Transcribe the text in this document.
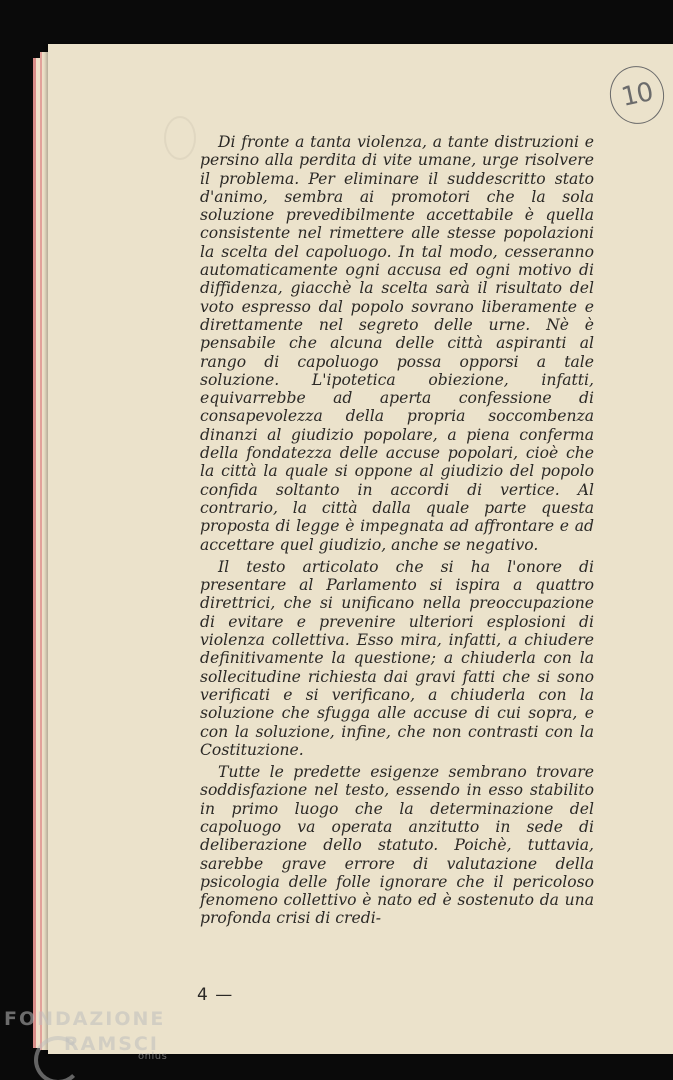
10

Di fronte a tanta violenza, a tante distruzioni e persino alla perdita di vite umane, urge risolvere il problema. Per eliminare il suddescritto stato d'animo, sembra ai promotori che la sola soluzione prevedibilmente accettabile è quella consistente nel rimettere alle stesse popolazioni la scelta del capoluogo. In tal modo, cesseranno automaticamente ogni accusa ed ogni motivo di diffidenza, giacchè la scelta sarà il risultato del voto espresso dal popolo sovrano liberamente e direttamente nel segreto delle urne. Nè è pensabile che alcuna delle città aspiranti al rango di capoluogo possa opporsi a tale soluzione. L'ipotetica obiezione, infatti, equivarrebbe ad aperta confessione di consapevolezza della propria soccombenza dinanzi al giudizio popolare, a piena conferma della fondatezza delle accuse popolari, cioè che la città la quale si oppone al giudizio del popolo confida soltanto in accordi di vertice. Al contrario, la città dalla quale parte questa proposta di legge è impegnata ad affrontare e ad accettare quel giudizio, anche se negativo.

Il testo articolato che si ha l'onore di presentare al Parlamento si ispira a quattro direttrici, che si unificano nella preoccupazione di evitare e prevenire ulteriori esplosioni di violenza collettiva. Esso mira, infatti, a chiudere definitivamente la questione; a chiuderla con la sollecitudine richiesta dai gravi fatti che si sono verificati e si verificano, a chiuderla con la soluzione che sfugga alle accuse di cui sopra, e con la soluzione, infine, che non contrasti con la Costituzione.

Tutte le predette esigenze sembrano trovare soddisfazione nel testo, essendo in esso stabilito in primo luogo che la determinazione del capoluogo va operata anzitutto in sede di deliberazione dello statuto. Poichè, tuttavia, sarebbe grave errore di valutazione della psicologia delle folle ignorare che il pericoloso fenomeno collettivo è nato ed è sostenuto da una profonda crisi di credi-

4 —
FONDAZIONE
RAMSCI
onlus
